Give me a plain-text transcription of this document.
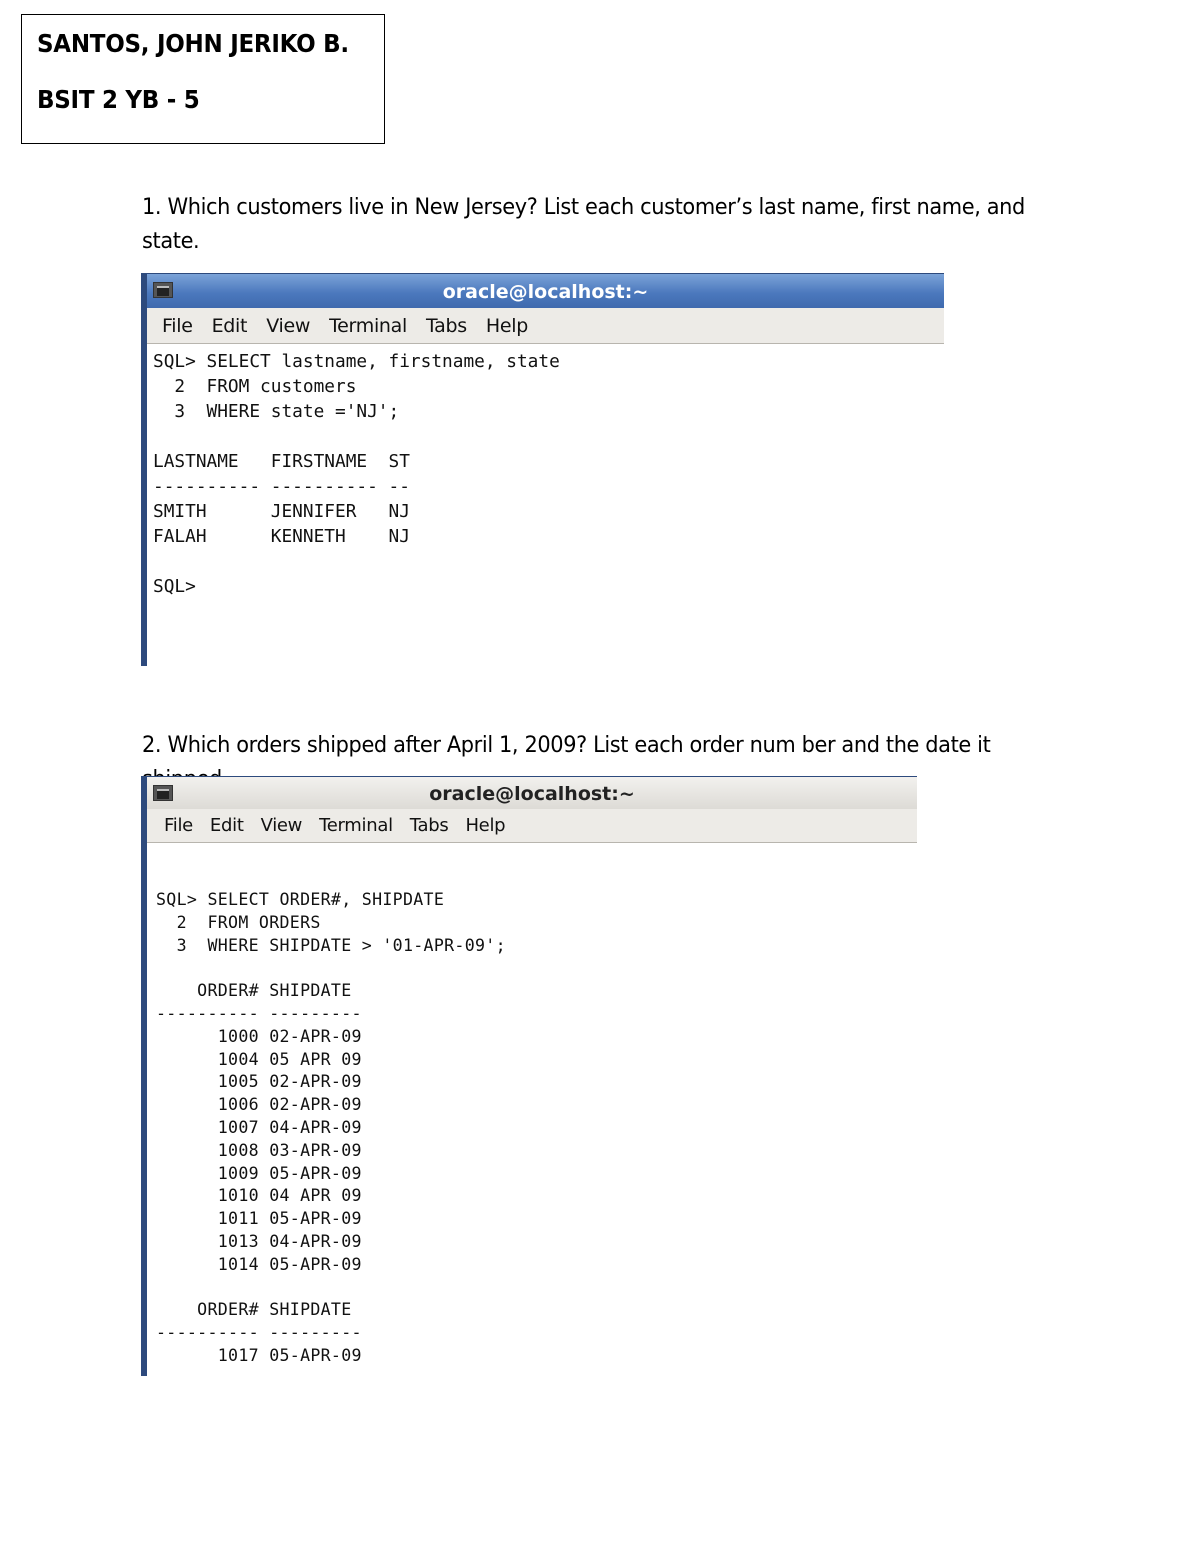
SANTOS, JOHN JERIKO B.
BSIT 2 YB - 5
1. Which customers live in New Jersey? List each customer’s last name, first name, and state.
oracle@localhost:~
File Edit View Terminal Tabs Help
SQL> SELECT lastname, firstname, state
2  FROM customers
3  WHERE state ='NJ';

LASTNAME   FIRSTNAME  ST
---------- ---------- --
SMITH      JENNIFER   NJ
FALAH      KENNETH    NJ

SQL>
2. Which orders shipped after April 1, 2009? List each order num ber and the date it
oracle@localhost:~
File Edit View Terminal Tabs Help
SQL> SELECT ORDER#, SHIPDATE
2  FROM ORDERS
3  WHERE SHIPDATE > '01-APR-09';

ORDER# SHIPDATE
---------- ---------
1000 02-APR-09
1004 05 APR 09
1005 02-APR-09
1006 02-APR-09
1007 04-APR-09
1008 03-APR-09
1009 05-APR-09
1010 04 APR 09
1011 05-APR-09
1013 04-APR-09
1014 05-APR-09

ORDER# SHIPDATE
---------- ---------
1017 05-APR-09
